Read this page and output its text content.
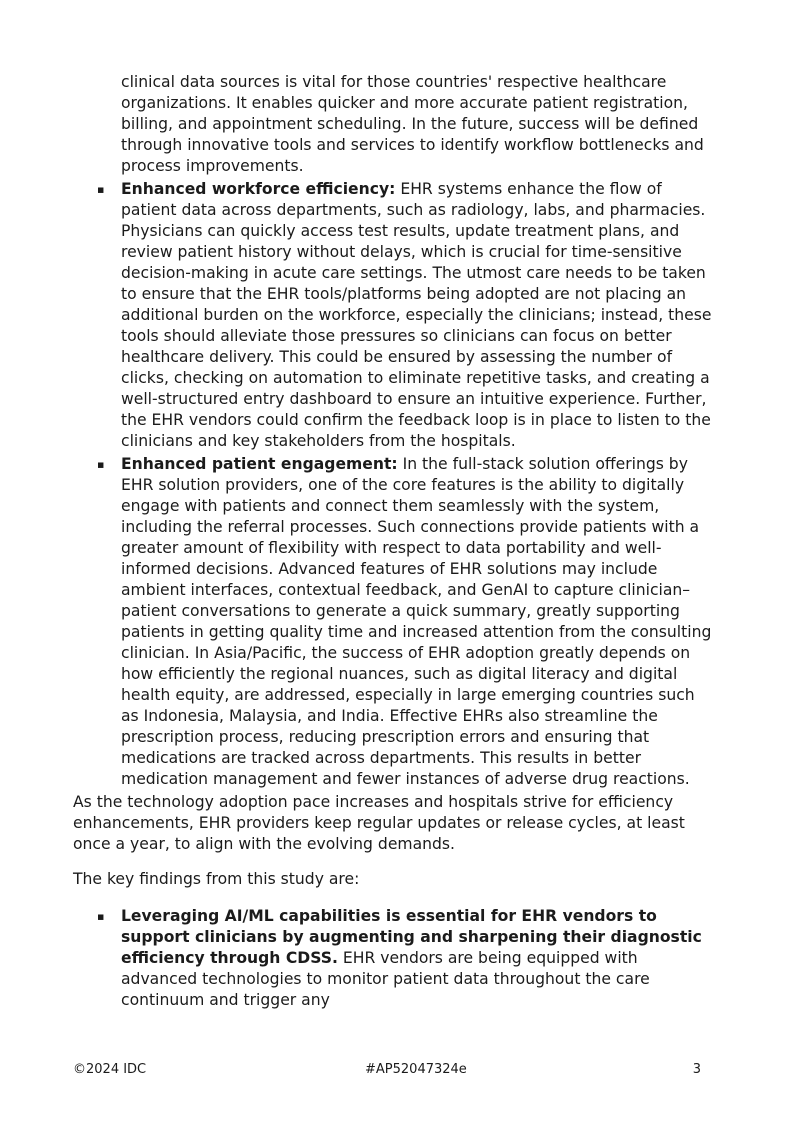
clinical data sources is vital for those countries' respective healthcare organizations. It enables quicker and more accurate patient registration, billing, and appointment scheduling. In the future, success will be defined through innovative tools and services to identify workflow bottlenecks and process improvements.
▪ Enhanced workforce efficiency: EHR systems enhance the flow of patient data across departments, such as radiology, labs, and pharmacies. Physicians can quickly access test results, update treatment plans, and review patient history without delays, which is crucial for time-sensitive decision-making in acute care settings. The utmost care needs to be taken to ensure that the EHR tools/platforms being adopted are not placing an additional burden on the workforce, especially the clinicians; instead, these tools should alleviate those pressures so clinicians can focus on better healthcare delivery. This could be ensured by assessing the number of clicks, checking on automation to eliminate repetitive tasks, and creating a well-structured entry dashboard to ensure an intuitive experience. Further, the EHR vendors could confirm the feedback loop is in place to listen to the clinicians and key stakeholders from the hospitals.
▪ Enhanced patient engagement: In the full-stack solution offerings by EHR solution providers, one of the core features is the ability to digitally engage with patients and connect them seamlessly with the system, including the referral processes. Such connections provide patients with a greater amount of flexibility with respect to data portability and well-informed decisions. Advanced features of EHR solutions may include ambient interfaces, contextual feedback, and GenAI to capture clinician–patient conversations to generate a quick summary, greatly supporting patients in getting quality time and increased attention from the consulting clinician. In Asia/Pacific, the success of EHR adoption greatly depends on how efficiently the regional nuances, such as digital literacy and digital health equity, are addressed, especially in large emerging countries such as Indonesia, Malaysia, and India. Effective EHRs also streamline the prescription process, reducing prescription errors and ensuring that medications are tracked across departments. This results in better medication management and fewer instances of adverse drug reactions.

As the technology adoption pace increases and hospitals strive for efficiency enhancements, EHR providers keep regular updates or release cycles, at least once a year, to align with the evolving demands.

The key findings from this study are:

▪ Leveraging AI/ML capabilities is essential for EHR vendors to support clinicians by augmenting and sharpening their diagnostic efficiency through CDSS. EHR vendors are being equipped with advanced technologies to monitor patient data throughout the care continuum and trigger any
©2024 IDC	#AP52047324e	3
